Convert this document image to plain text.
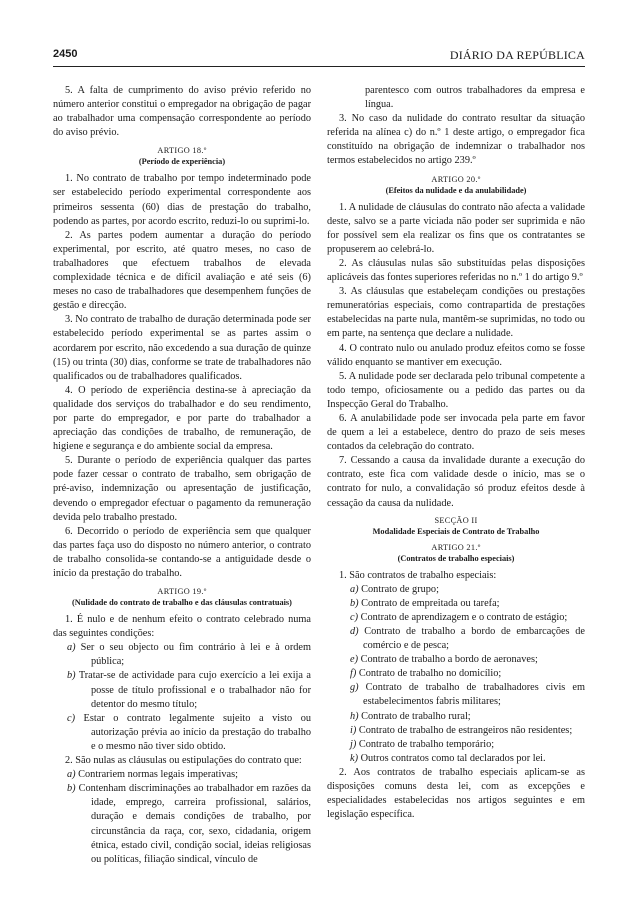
2450	DIÁRIO DA REPÚBLICA

5. A falta de cumprimento do aviso prévio referido no número anterior constitui o empregador na obrigação de pagar ao trabalhador uma compensação correspondente ao período do aviso prévio.

ARTIGO 18.º
(Período de experiência)

1. No contrato de trabalho por tempo indeterminado pode ser estabelecido período experimental correspondente aos primeiros sessenta (60) dias de prestação do trabalho, podendo as partes, por acordo escrito, reduzi-lo ou suprimi-lo.

2. As partes podem aumentar a duração do período experimental, por escrito, até quatro meses, no caso de trabalhadores que efectuem trabalhos de elevada complexidade técnica e de difícil avaliação e até seis (6) meses no caso de trabalhadores que desempenhem funções de gestão e direcção.

3. No contrato de trabalho de duração determinada pode ser estabelecido período experimental se as partes assim o acordarem por escrito, não excedendo a sua duração de quinze (15) ou trinta (30) dias, conforme se trate de trabalhadores não qualificados ou de trabalhadores qualificados.

4. O período de experiência destina-se à apreciação da qualidade dos serviços do trabalhador e do seu rendimento, por parte do empregador, e por parte do trabalhador a apreciação das condições de trabalho, de remuneração, de higiene e segurança e do ambiente social da empresa.

5. Durante o período de experiência qualquer das partes pode fazer cessar o contrato de trabalho, sem obrigação de pré-aviso, indemnização ou apresentação de justificação, devendo o empregador efectuar o pagamento da remuneração devida pelo trabalho prestado.

6. Decorrido o período de experiência sem que qualquer das partes faça uso do disposto no número anterior, o contrato de trabalho consolida-se contando-se a antiguidade desde o início da prestação do trabalho.

ARTIGO 19.º
(Nulidade do contrato de trabalho e das cláusulas contratuais)

1. É nulo e de nenhum efeito o contrato celebrado numa das seguintes condições:

a) Ser o seu objecto ou fim contrário à lei e à ordem pública;

b) Tratar-se de actividade para cujo exercício a lei exija a posse de título profissional e o trabalhador não for detentor do mesmo título;

c) Estar o contrato legalmente sujeito a visto ou autorização prévia ao início da prestação do trabalho e o mesmo não tiver sido obtido.

2. São nulas as cláusulas ou estipulações do contrato que:

a) Contrariem normas legais imperativas;

b) Contenham discriminações ao trabalhador em razões da idade, emprego, carreira profissional, salários, duração e demais condições de trabalho, por circunstância da raça, cor, sexo, cidadania, origem étnica, estado civil, condição social, ideias religiosas ou políticas, filiação sindical, vínculo de

parentesco com outros trabalhadores da empresa e língua.

3. No caso da nulidade do contrato resultar da situação referida na alínea c) do n.º 1 deste artigo, o empregador fica constituído na obrigação de indemnizar o trabalhador nos termos estabelecidos no artigo 239.º

ARTIGO 20.º
(Efeitos da nulidade e da anulabilidade)

1. A nulidade de cláusulas do contrato não afecta a validade deste, salvo se a parte viciada não poder ser suprimida e não for possível sem ela realizar os fins que os contratantes se propuserem ao celebrá-lo.

2. As cláusulas nulas são substituídas pelas disposições aplicáveis das fontes superiores referidas no n.º 1 do artigo 9.º

3. As cláusulas que estabeleçam condições ou prestações remuneratórias especiais, como contrapartida de prestações estabelecidas na parte nula, mantêm-se suprimidas, no todo ou em parte, na sentença que declare a nulidade.

4. O contrato nulo ou anulado produz efeitos como se fosse válido enquanto se mantiver em execução.

5. A nulidade pode ser declarada pelo tribunal competente a todo tempo, oficiosamente ou a pedido das partes ou da Inspecção Geral do Trabalho.

6. A anulabilidade pode ser invocada pela parte em favor de quem a lei a estabelece, dentro do prazo de seis meses contados da celebração do contrato.

7. Cessando a causa da invalidade durante a execução do contrato, este fica com validade desde o início, mas se o contrato for nulo, a convalidação só produz efeitos desde à cessação da causa da nulidade.

SECÇÃO II
Modalidade Especiais de Contrato de Trabalho
ARTIGO 21.º
(Contratos de trabalho especiais)

1. São contratos de trabalho especiais:

a) Contrato de grupo;

b) Contrato de empreitada ou tarefa;

c) Contrato de aprendizagem e o contrato de estágio;

d) Contrato de trabalho a bordo de embarcações de comércio e de pesca;

e) Contrato de trabalho a bordo de aeronaves;

f) Contrato de trabalho no domicílio;

g) Contrato de trabalho de trabalhadores civis em estabelecimentos fabris militares;

h) Contrato de trabalho rural;

i) Contrato de trabalho de estrangeiros não residentes;

j) Contrato de trabalho temporário;

k) Outros contratos como tal declarados por lei.

2. Aos contratos de trabalho especiais aplicam-se as disposições comuns desta lei, com as excepções e especialidades estabelecidas nos artigos seguintes e em legislação específica.
